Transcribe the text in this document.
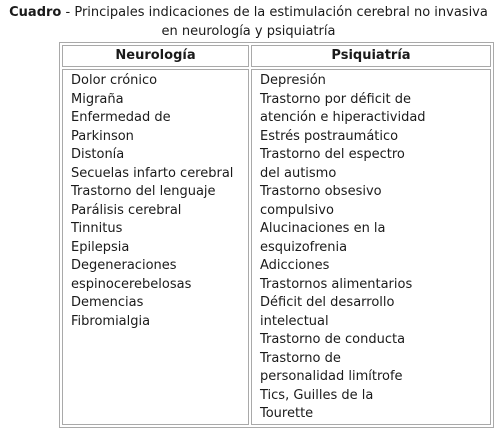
Cuadro - Principales indicaciones de la estimulación cerebral no invasiva
en neurología y psiquiatría
Neurología	Psiquiatría
Dolor crónico
Migraña
Enfermedad de
Parkinson
Distonía
Secuelas infarto cerebral
Trastorno del lenguaje
Parálisis cerebral
Tinnitus
Epilepsia
Degeneraciones
espinocerebelosas
Demencias
Fibromialgia
Depresión
Trastorno por déficit de
atención e hiperactividad
Estrés postraumático
Trastorno del espectro
del autismo
Trastorno obsesivo
compulsivo
Alucinaciones en la
esquizofrenia
Adicciones
Trastornos alimentarios
Déficit del desarrollo
intelectual
Trastorno de conducta
Trastorno de
personalidad limítrofe
Tics, Guilles de la
Tourette
